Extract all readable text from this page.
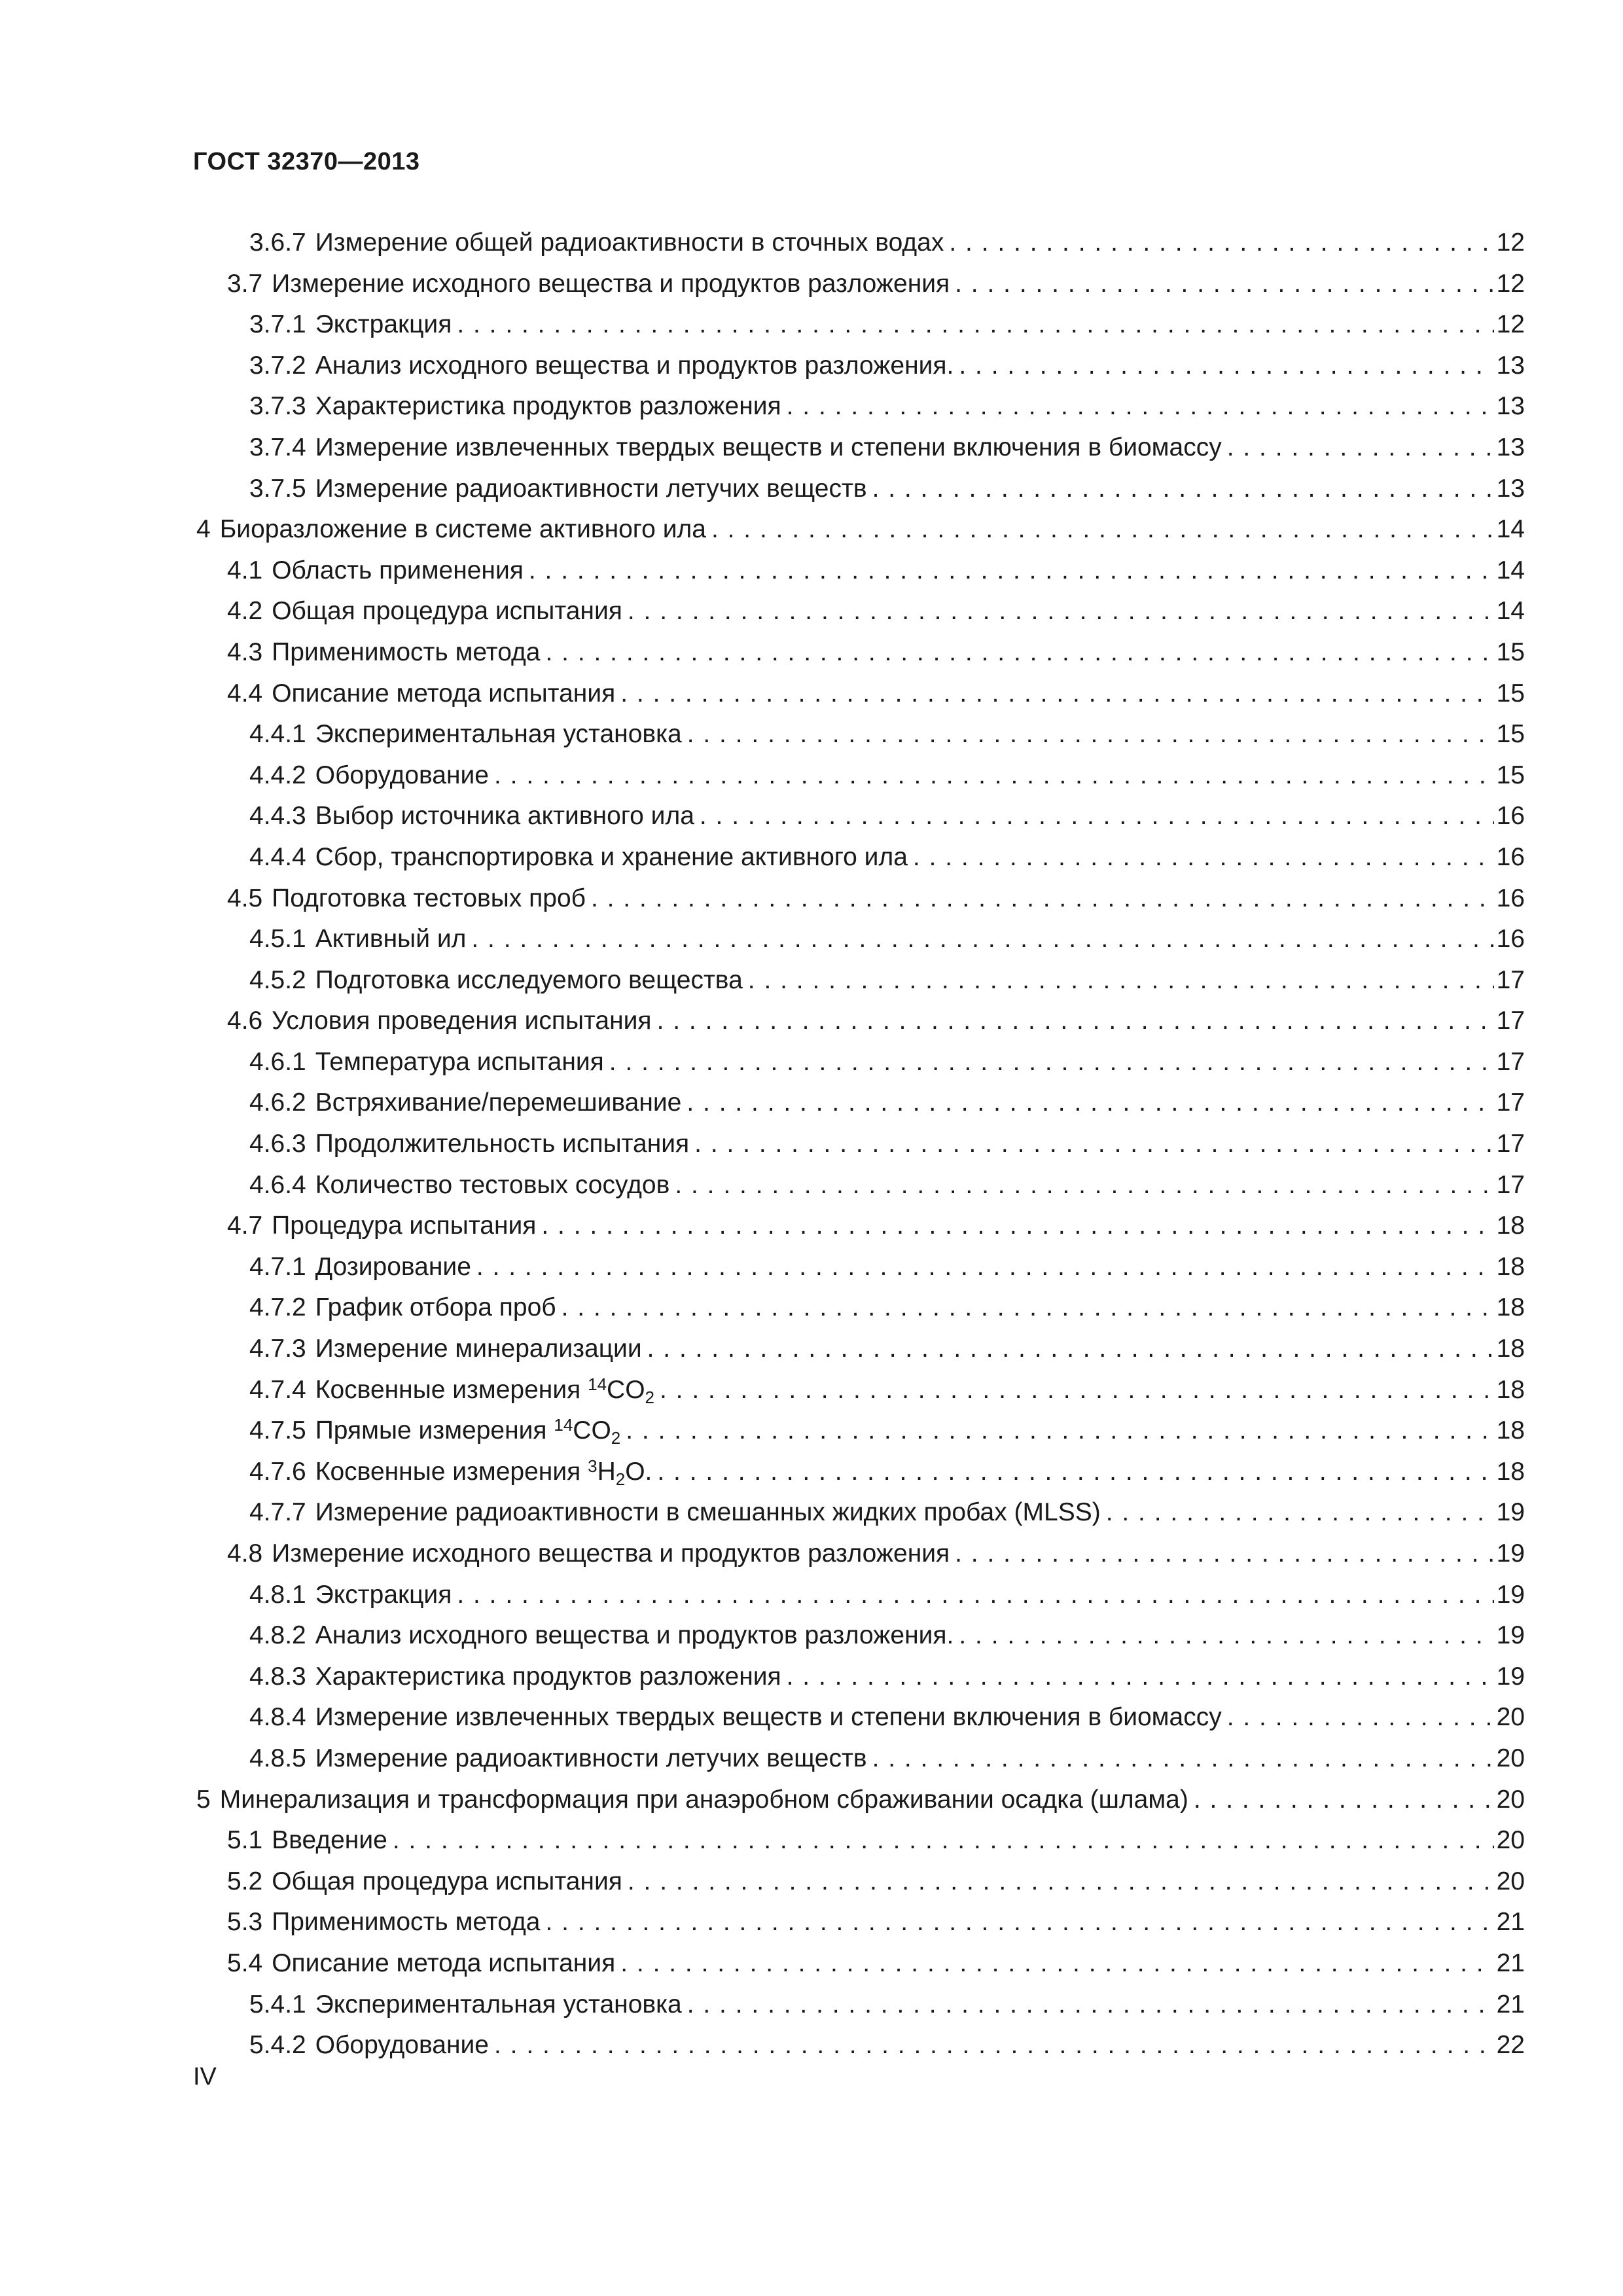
ГОСТ 32370—2013
3.6.7 Измерение общей радиоактивности в сточных водах . . .	12
3.7 Измерение исходного вещества и продуктов разложения . . .	12
3.7.1 Экстракция . . .	12
3.7.2 Анализ исходного вещества и продуктов разложения. . . .	13
3.7.3 Характеристика продуктов разложения . . .	13
3.7.4 Измерение извлеченных твердых веществ и степени включения в биомассу . . .	13
3.7.5 Измерение радиоактивности летучих веществ . . .	13
4 Биоразложение в системе активного ила . . .	14
4.1 Область применения . . .	14
4.2 Общая процедура испытания . . .	14
4.3 Применимость метода . . .	15
4.4 Описание метода испытания . . .	15
4.4.1 Экспериментальная установка . . .	15
4.4.2 Оборудование . . .	15
4.4.3 Выбор источника активного ила . . .	16
4.4.4 Сбор, транспортировка и хранение активного ила . . .	16
4.5 Подготовка тестовых проб . . .	16
4.5.1 Активный ил . . .	16
4.5.2 Подготовка исследуемого вещества . . .	17
4.6 Условия проведения испытания . . .	17
4.6.1 Температура испытания . . .	17
4.6.2 Встряхивание/перемешивание . . .	17
4.6.3 Продолжительность испытания . . .	17
4.6.4 Количество тестовых сосудов . . .	17
4.7 Процедура испытания . . .	18
4.7.1 Дозирование . . .	18
4.7.2 График отбора проб . . .	18
4.7.3 Измерение минерализации . . .	18
4.7.4 Косвенные измерения $^{14}CO_2$ . . .	18
4.7.5 Прямые измерения $^{14}CO_2$ . . .	18
4.7.6 Косвенные измерения $^3H_2O$. . . .	18
4.7.7 Измерение радиоактивности в смешанных жидких пробах (MLSS) . . .	19
4.8 Измерение исходного вещества и продуктов разложения . . .	19
4.8.1 Экстракция . . .	19
4.8.2 Анализ исходного вещества и продуктов разложения. . . .	19
4.8.3 Характеристика продуктов разложения . . .	19
4.8.4 Измерение извлеченных твердых веществ и степени включения в биомассу . . .	20
4.8.5 Измерение радиоактивности летучих веществ . . .	20
5 Минерализация и трансформация при анаэробном сбраживании осадка (шлама) . . .	20
5.1 Введение . . .	20
5.2 Общая процедура испытания . . .	20
5.3 Применимость метода . . .	21
5.4 Описание метода испытания . . .	21
5.4.1 Экспериментальная установка . . .	21
5.4.2 Оборудование . . .	22
IV
